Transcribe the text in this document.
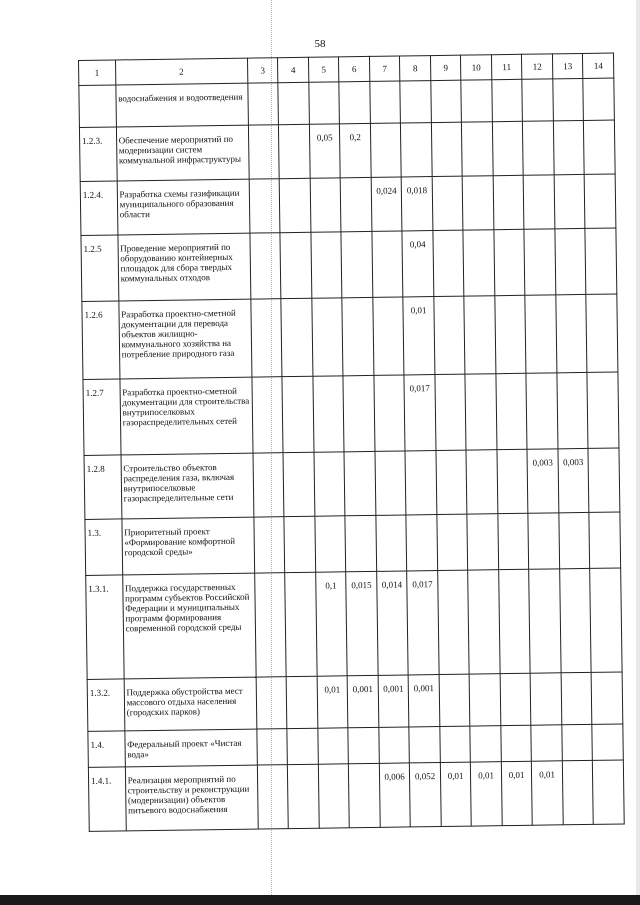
58
1	2	3	4	5	6	7	8	9	10	11	12	13	14
	водоснабжения и водоотведения												
1.2.3.	Обеспечение мероприятий по модернизации систем коммунальной инфраструктуры			0,05	0,2								
1.2.4.	Разработка схемы газификации муниципального образования области					0,024	0,018						
1.2.5	Проведение мероприятий по оборудованию контейнерных площадок для сбора твердых коммунальных отходов						0,04						
1.2.6	Разработка проектно-сметной документации для перевода объектов жилищно-коммунального хозяйства на потребление природного газа						0,01						
1.2.7	Разработка проектно-сметной документации для строительства внутрипоселковых газораспределительных сетей						0,017						
1.2.8	Строительство объектов распределения газа, включая внутрипоселковые газораспределительные сети										0,003	0,003	
1.3.	Приоритетный проект «Формирование комфортной городской среды»												
1.3.1.	Поддержка государственных программ субъектов Российской Федерации и муниципальных программ формирования современной городской среды			0,1	0,015	0,014	0,017						
1.3.2.	Поддержка обустройства мест массового отдыха населения (городских парков)			0,01	0,001	0,001	0,001						
1.4.	Федеральный проект «Чистая вода»												
1.4.1.	Реализация мероприятий по строительству и реконструкции (модернизации) объектов питьевого водоснабжения					0,006	0,052	0,01	0,01	0,01	0,01		
